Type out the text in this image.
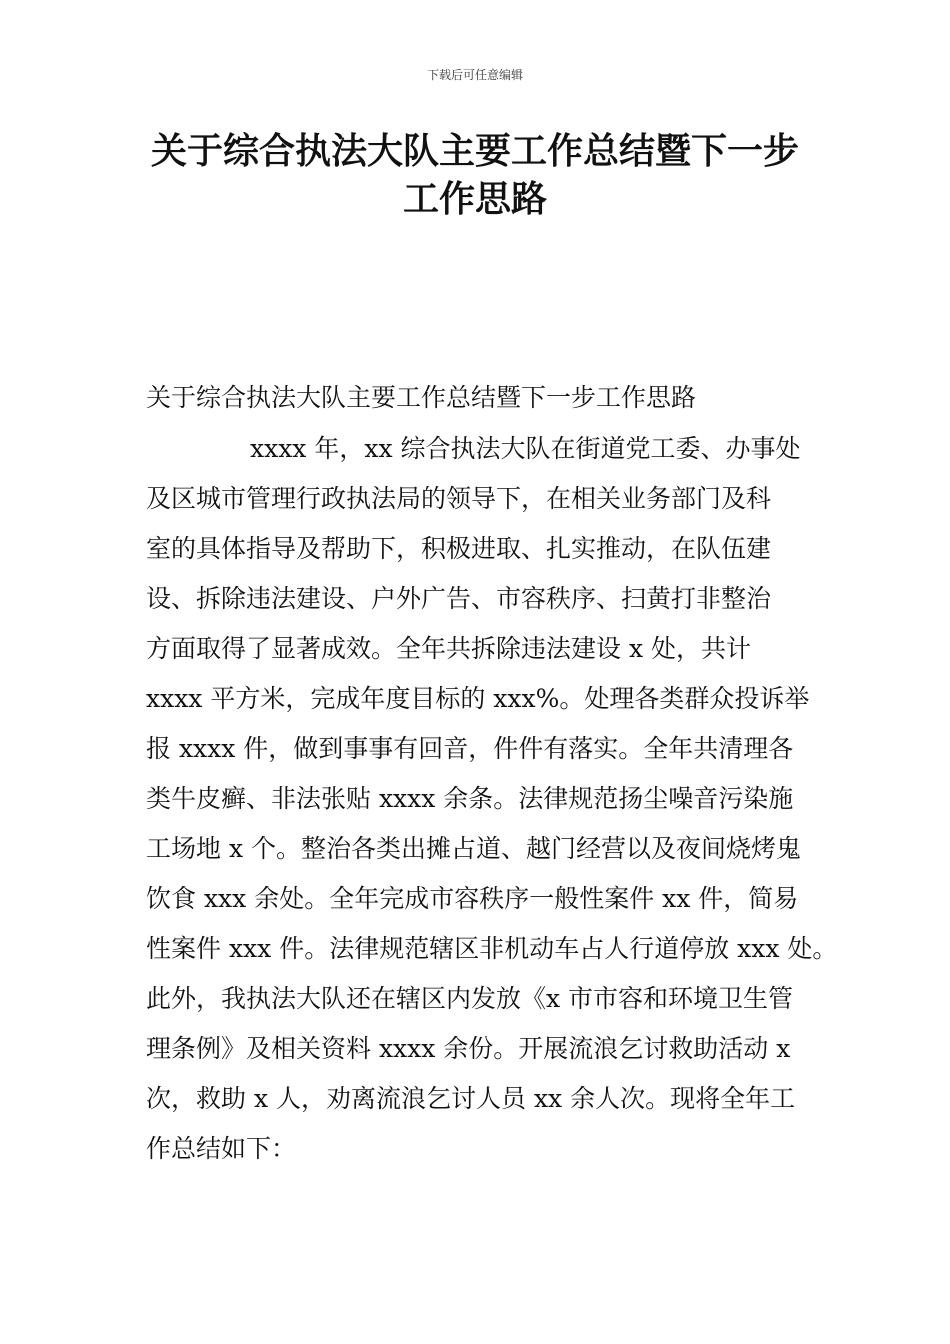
下载后可任意编辑
关于综合执法大队主要工作总结暨下一步
工作思路
关于综合执法大队主要工作总结暨下一步工作思路
xxxx 年，xx 综合执法大队在街道党工委、办事处
及区城市管理行政执法局的领导下，在相关业务部门及科
室的具体指导及帮助下，积极进取、扎实推动，在队伍建
设、拆除违法建设、户外广告、市容秩序、扫黄打非整治
方面取得了显著成效。全年共拆除违法建设 x 处，共计
xxxx 平方米，完成年度目标的 xxx%。处理各类群众投诉举
报 xxxx 件，做到事事有回音，件件有落实。全年共清理各
类牛皮癣、非法张贴 xxxx 余条。法律规范扬尘噪音污染施
工场地 x 个。整治各类出摊占道、越门经营以及夜间烧烤鬼
饮食 xxx 余处。全年完成市容秩序一般性案件 xx 件，简易
性案件 xxx 件。法律规范辖区非机动车占人行道停放 xxx 处。
此外，我执法大队还在辖区内发放《x 市市容和环境卫生管
理条例》及相关资料 xxxx 余份。开展流浪乞讨救助活动 x
次，救助 x 人，劝离流浪乞讨人员 xx 余人次。现将全年工
作总结如下：
